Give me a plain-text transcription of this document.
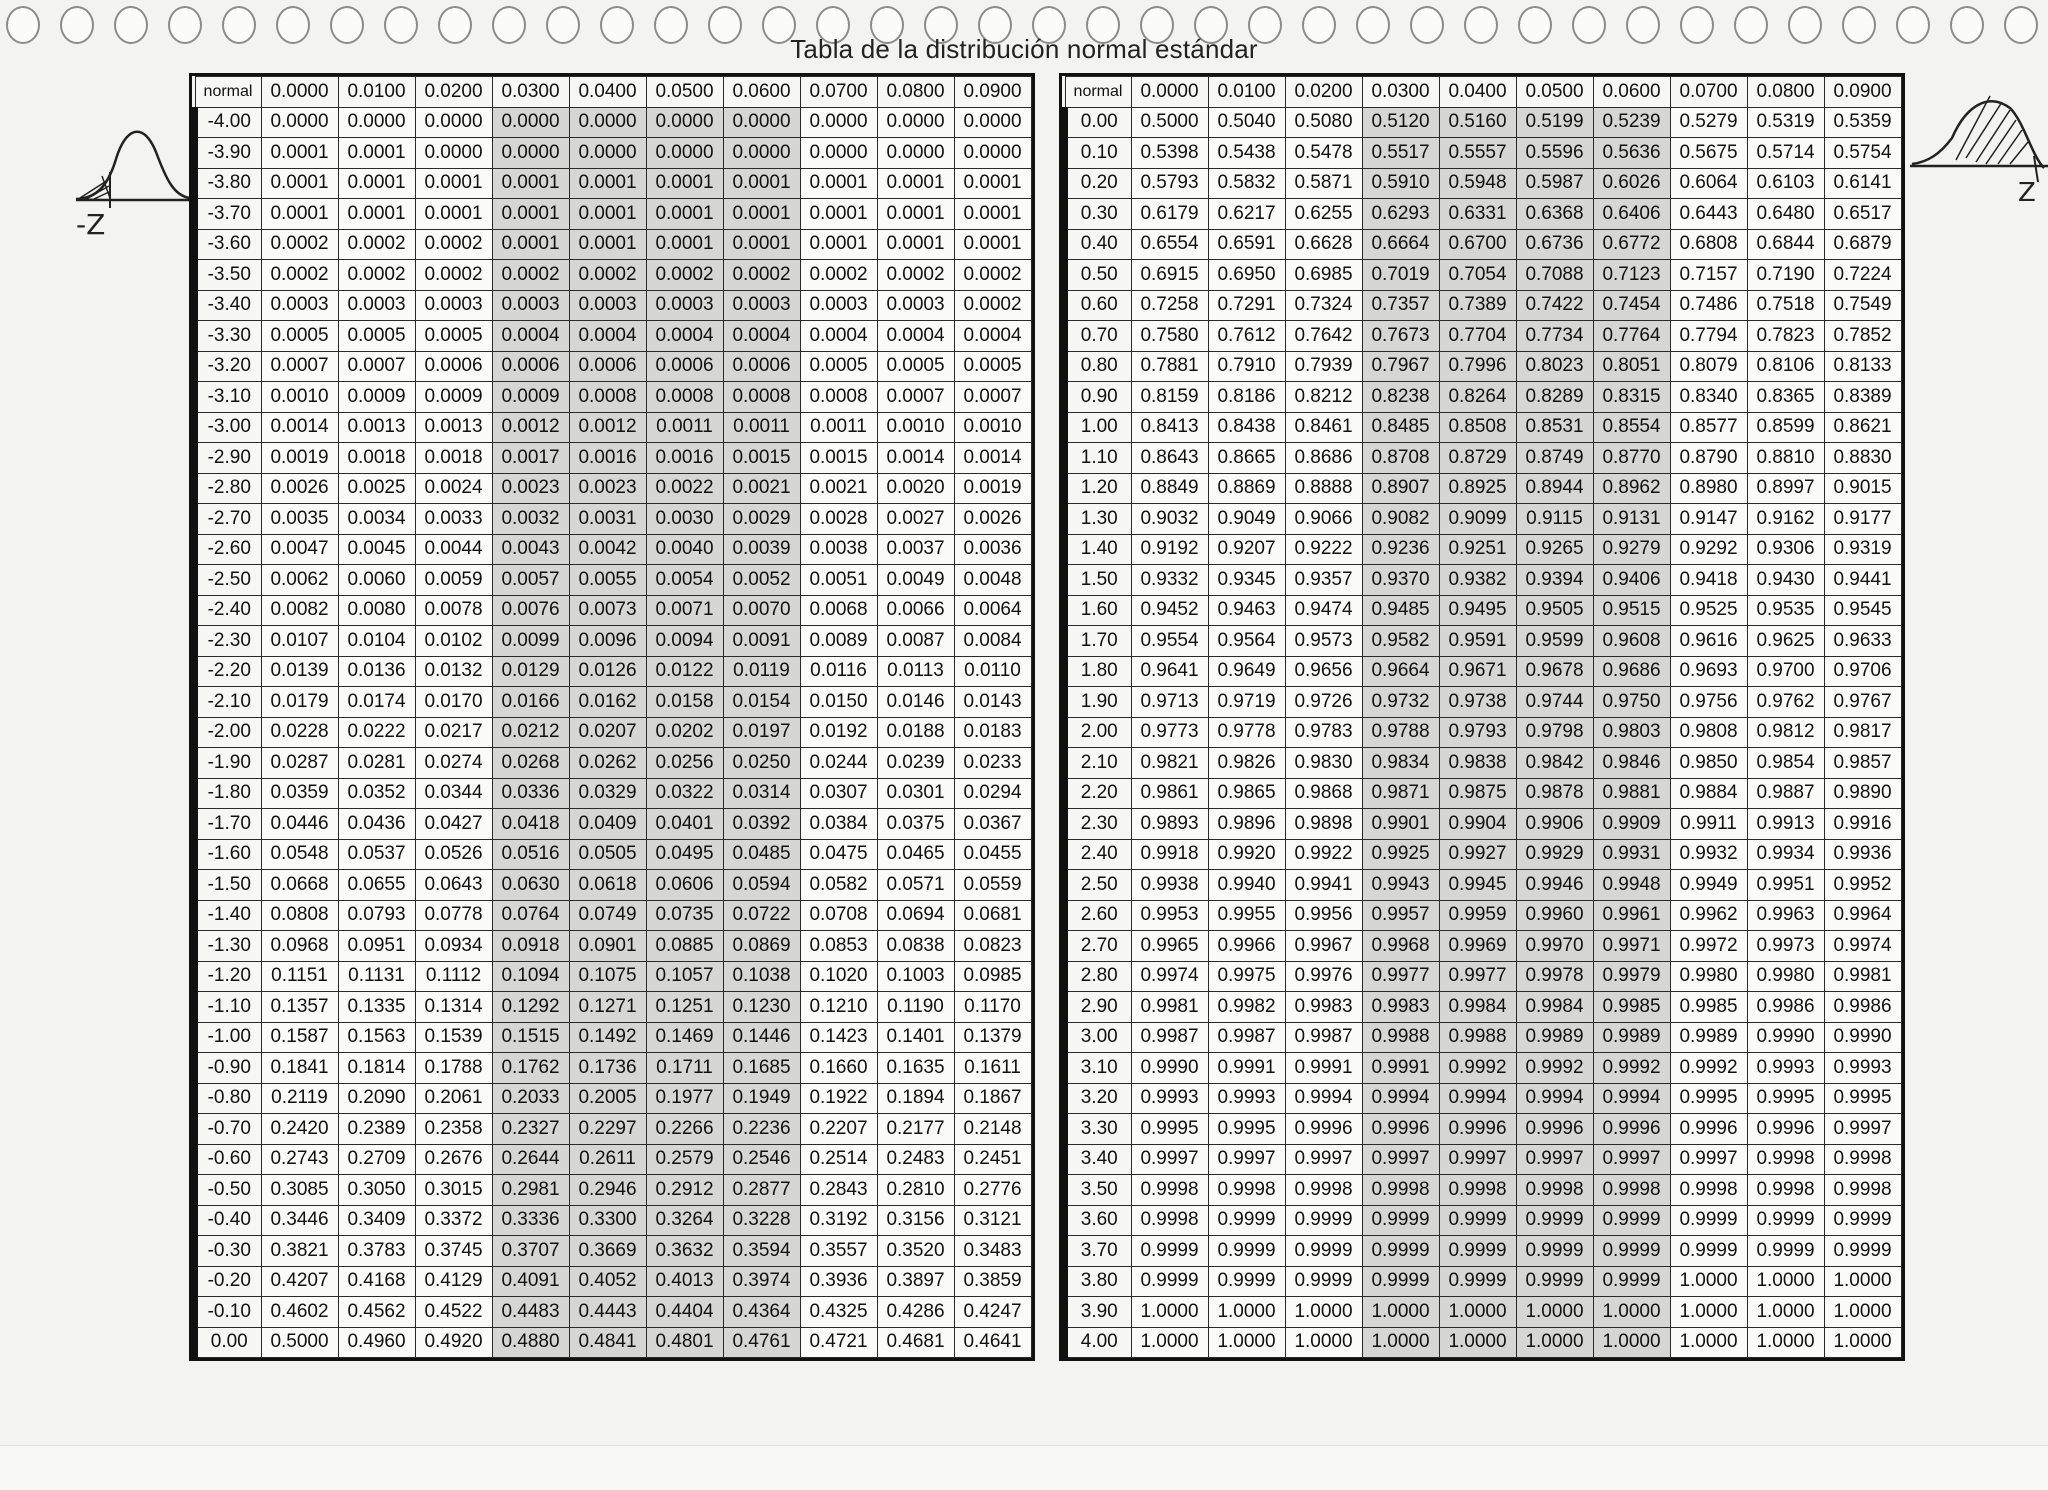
Tabla de la distribución normal estándar
-Z
Z
normal	0.0000	0.0100	0.0200	0.0300	0.0400	0.0500	0.0600	0.0700	0.0800	0.0900
-4.00	0.0000	0.0000	0.0000	0.0000	0.0000	0.0000	0.0000	0.0000	0.0000	0.0000
-3.90	0.0001	0.0001	0.0000	0.0000	0.0000	0.0000	0.0000	0.0000	0.0000	0.0000
-3.80	0.0001	0.0001	0.0001	0.0001	0.0001	0.0001	0.0001	0.0001	0.0001	0.0001
-3.70	0.0001	0.0001	0.0001	0.0001	0.0001	0.0001	0.0001	0.0001	0.0001	0.0001
-3.60	0.0002	0.0002	0.0002	0.0001	0.0001	0.0001	0.0001	0.0001	0.0001	0.0001
-3.50	0.0002	0.0002	0.0002	0.0002	0.0002	0.0002	0.0002	0.0002	0.0002	0.0002
-3.40	0.0003	0.0003	0.0003	0.0003	0.0003	0.0003	0.0003	0.0003	0.0003	0.0002
-3.30	0.0005	0.0005	0.0005	0.0004	0.0004	0.0004	0.0004	0.0004	0.0004	0.0004
-3.20	0.0007	0.0007	0.0006	0.0006	0.0006	0.0006	0.0006	0.0005	0.0005	0.0005
-3.10	0.0010	0.0009	0.0009	0.0009	0.0008	0.0008	0.0008	0.0008	0.0007	0.0007
-3.00	0.0014	0.0013	0.0013	0.0012	0.0012	0.0011	0.0011	0.0011	0.0010	0.0010
-2.90	0.0019	0.0018	0.0018	0.0017	0.0016	0.0016	0.0015	0.0015	0.0014	0.0014
-2.80	0.0026	0.0025	0.0024	0.0023	0.0023	0.0022	0.0021	0.0021	0.0020	0.0019
-2.70	0.0035	0.0034	0.0033	0.0032	0.0031	0.0030	0.0029	0.0028	0.0027	0.0026
-2.60	0.0047	0.0045	0.0044	0.0043	0.0042	0.0040	0.0039	0.0038	0.0037	0.0036
-2.50	0.0062	0.0060	0.0059	0.0057	0.0055	0.0054	0.0052	0.0051	0.0049	0.0048
-2.40	0.0082	0.0080	0.0078	0.0076	0.0073	0.0071	0.0070	0.0068	0.0066	0.0064
-2.30	0.0107	0.0104	0.0102	0.0099	0.0096	0.0094	0.0091	0.0089	0.0087	0.0084
-2.20	0.0139	0.0136	0.0132	0.0129	0.0126	0.0122	0.0119	0.0116	0.0113	0.0110
-2.10	0.0179	0.0174	0.0170	0.0166	0.0162	0.0158	0.0154	0.0150	0.0146	0.0143
-2.00	0.0228	0.0222	0.0217	0.0212	0.0207	0.0202	0.0197	0.0192	0.0188	0.0183
-1.90	0.0287	0.0281	0.0274	0.0268	0.0262	0.0256	0.0250	0.0244	0.0239	0.0233
-1.80	0.0359	0.0352	0.0344	0.0336	0.0329	0.0322	0.0314	0.0307	0.0301	0.0294
-1.70	0.0446	0.0436	0.0427	0.0418	0.0409	0.0401	0.0392	0.0384	0.0375	0.0367
-1.60	0.0548	0.0537	0.0526	0.0516	0.0505	0.0495	0.0485	0.0475	0.0465	0.0455
-1.50	0.0668	0.0655	0.0643	0.0630	0.0618	0.0606	0.0594	0.0582	0.0571	0.0559
-1.40	0.0808	0.0793	0.0778	0.0764	0.0749	0.0735	0.0722	0.0708	0.0694	0.0681
-1.30	0.0968	0.0951	0.0934	0.0918	0.0901	0.0885	0.0869	0.0853	0.0838	0.0823
-1.20	0.1151	0.1131	0.1112	0.1094	0.1075	0.1057	0.1038	0.1020	0.1003	0.0985
-1.10	0.1357	0.1335	0.1314	0.1292	0.1271	0.1251	0.1230	0.1210	0.1190	0.1170
-1.00	0.1587	0.1563	0.1539	0.1515	0.1492	0.1469	0.1446	0.1423	0.1401	0.1379
-0.90	0.1841	0.1814	0.1788	0.1762	0.1736	0.1711	0.1685	0.1660	0.1635	0.1611
-0.80	0.2119	0.2090	0.2061	0.2033	0.2005	0.1977	0.1949	0.1922	0.1894	0.1867
-0.70	0.2420	0.2389	0.2358	0.2327	0.2297	0.2266	0.2236	0.2207	0.2177	0.2148
-0.60	0.2743	0.2709	0.2676	0.2644	0.2611	0.2579	0.2546	0.2514	0.2483	0.2451
-0.50	0.3085	0.3050	0.3015	0.2981	0.2946	0.2912	0.2877	0.2843	0.2810	0.2776
-0.40	0.3446	0.3409	0.3372	0.3336	0.3300	0.3264	0.3228	0.3192	0.3156	0.3121
-0.30	0.3821	0.3783	0.3745	0.3707	0.3669	0.3632	0.3594	0.3557	0.3520	0.3483
-0.20	0.4207	0.4168	0.4129	0.4091	0.4052	0.4013	0.3974	0.3936	0.3897	0.3859
-0.10	0.4602	0.4562	0.4522	0.4483	0.4443	0.4404	0.4364	0.4325	0.4286	0.4247
0.00	0.5000	0.4960	0.4920	0.4880	0.4841	0.4801	0.4761	0.4721	0.4681	0.4641
normal	0.0000	0.0100	0.0200	0.0300	0.0400	0.0500	0.0600	0.0700	0.0800	0.0900
0.00	0.5000	0.5040	0.5080	0.5120	0.5160	0.5199	0.5239	0.5279	0.5319	0.5359
0.10	0.5398	0.5438	0.5478	0.5517	0.5557	0.5596	0.5636	0.5675	0.5714	0.5754
0.20	0.5793	0.5832	0.5871	0.5910	0.5948	0.5987	0.6026	0.6064	0.6103	0.6141
0.30	0.6179	0.6217	0.6255	0.6293	0.6331	0.6368	0.6406	0.6443	0.6480	0.6517
0.40	0.6554	0.6591	0.6628	0.6664	0.6700	0.6736	0.6772	0.6808	0.6844	0.6879
0.50	0.6915	0.6950	0.6985	0.7019	0.7054	0.7088	0.7123	0.7157	0.7190	0.7224
0.60	0.7258	0.7291	0.7324	0.7357	0.7389	0.7422	0.7454	0.7486	0.7518	0.7549
0.70	0.7580	0.7612	0.7642	0.7673	0.7704	0.7734	0.7764	0.7794	0.7823	0.7852
0.80	0.7881	0.7910	0.7939	0.7967	0.7996	0.8023	0.8051	0.8079	0.8106	0.8133
0.90	0.8159	0.8186	0.8212	0.8238	0.8264	0.8289	0.8315	0.8340	0.8365	0.8389
1.00	0.8413	0.8438	0.8461	0.8485	0.8508	0.8531	0.8554	0.8577	0.8599	0.8621
1.10	0.8643	0.8665	0.8686	0.8708	0.8729	0.8749	0.8770	0.8790	0.8810	0.8830
1.20	0.8849	0.8869	0.8888	0.8907	0.8925	0.8944	0.8962	0.8980	0.8997	0.9015
1.30	0.9032	0.9049	0.9066	0.9082	0.9099	0.9115	0.9131	0.9147	0.9162	0.9177
1.40	0.9192	0.9207	0.9222	0.9236	0.9251	0.9265	0.9279	0.9292	0.9306	0.9319
1.50	0.9332	0.9345	0.9357	0.9370	0.9382	0.9394	0.9406	0.9418	0.9430	0.9441
1.60	0.9452	0.9463	0.9474	0.9485	0.9495	0.9505	0.9515	0.9525	0.9535	0.9545
1.70	0.9554	0.9564	0.9573	0.9582	0.9591	0.9599	0.9608	0.9616	0.9625	0.9633
1.80	0.9641	0.9649	0.9656	0.9664	0.9671	0.9678	0.9686	0.9693	0.9700	0.9706
1.90	0.9713	0.9719	0.9726	0.9732	0.9738	0.9744	0.9750	0.9756	0.9762	0.9767
2.00	0.9773	0.9778	0.9783	0.9788	0.9793	0.9798	0.9803	0.9808	0.9812	0.9817
2.10	0.9821	0.9826	0.9830	0.9834	0.9838	0.9842	0.9846	0.9850	0.9854	0.9857
2.20	0.9861	0.9865	0.9868	0.9871	0.9875	0.9878	0.9881	0.9884	0.9887	0.9890
2.30	0.9893	0.9896	0.9898	0.9901	0.9904	0.9906	0.9909	0.9911	0.9913	0.9916
2.40	0.9918	0.9920	0.9922	0.9925	0.9927	0.9929	0.9931	0.9932	0.9934	0.9936
2.50	0.9938	0.9940	0.9941	0.9943	0.9945	0.9946	0.9948	0.9949	0.9951	0.9952
2.60	0.9953	0.9955	0.9956	0.9957	0.9959	0.9960	0.9961	0.9962	0.9963	0.9964
2.70	0.9965	0.9966	0.9967	0.9968	0.9969	0.9970	0.9971	0.9972	0.9973	0.9974
2.80	0.9974	0.9975	0.9976	0.9977	0.9977	0.9978	0.9979	0.9980	0.9980	0.9981
2.90	0.9981	0.9982	0.9983	0.9983	0.9984	0.9984	0.9985	0.9985	0.9986	0.9986
3.00	0.9987	0.9987	0.9987	0.9988	0.9988	0.9989	0.9989	0.9989	0.9990	0.9990
3.10	0.9990	0.9991	0.9991	0.9991	0.9992	0.9992	0.9992	0.9992	0.9993	0.9993
3.20	0.9993	0.9993	0.9994	0.9994	0.9994	0.9994	0.9994	0.9995	0.9995	0.9995
3.30	0.9995	0.9995	0.9996	0.9996	0.9996	0.9996	0.9996	0.9996	0.9996	0.9997
3.40	0.9997	0.9997	0.9997	0.9997	0.9997	0.9997	0.9997	0.9997	0.9998	0.9998
3.50	0.9998	0.9998	0.9998	0.9998	0.9998	0.9998	0.9998	0.9998	0.9998	0.9998
3.60	0.9998	0.9999	0.9999	0.9999	0.9999	0.9999	0.9999	0.9999	0.9999	0.9999
3.70	0.9999	0.9999	0.9999	0.9999	0.9999	0.9999	0.9999	0.9999	0.9999	0.9999
3.80	0.9999	0.9999	0.9999	0.9999	0.9999	0.9999	0.9999	1.0000	1.0000	1.0000
3.90	1.0000	1.0000	1.0000	1.0000	1.0000	1.0000	1.0000	1.0000	1.0000	1.0000
4.00	1.0000	1.0000	1.0000	1.0000	1.0000	1.0000	1.0000	1.0000	1.0000	1.0000
